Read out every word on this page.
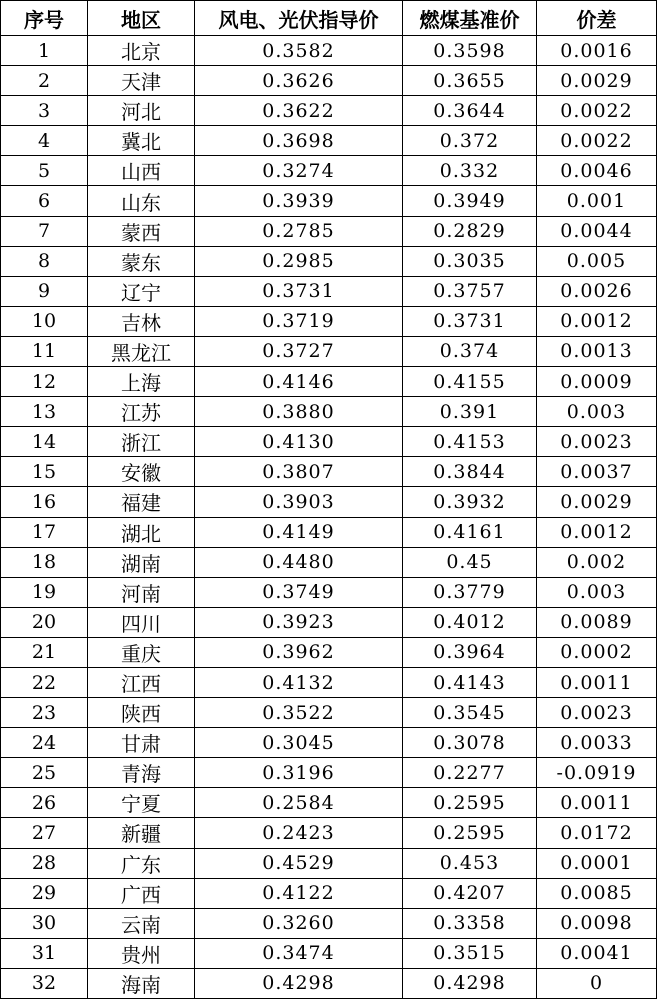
序号	地区	风电、光伏指导价	燃煤基准价	价差
1	北京	0.3582	0.3598	0.0016
2	天津	0.3626	0.3655	0.0029
3	河北	0.3622	0.3644	0.0022
4	冀北	0.3698	0.372	0.0022
5	山西	0.3274	0.332	0.0046
6	山东	0.3939	0.3949	0.001
7	蒙西	0.2785	0.2829	0.0044
8	蒙东	0.2985	0.3035	0.005
9	辽宁	0.3731	0.3757	0.0026
10	吉林	0.3719	0.3731	0.0012
11	黑龙江	0.3727	0.374	0.0013
12	上海	0.4146	0.4155	0.0009
13	江苏	0.3880	0.391	0.003
14	浙江	0.4130	0.4153	0.0023
15	安徽	0.3807	0.3844	0.0037
16	福建	0.3903	0.3932	0.0029
17	湖北	0.4149	0.4161	0.0012
18	湖南	0.4480	0.45	0.002
19	河南	0.3749	0.3779	0.003
20	四川	0.3923	0.4012	0.0089
21	重庆	0.3962	0.3964	0.0002
22	江西	0.4132	0.4143	0.0011
23	陕西	0.3522	0.3545	0.0023
24	甘肃	0.3045	0.3078	0.0033
25	青海	0.3196	0.2277	-0.0919
26	宁夏	0.2584	0.2595	0.0011
27	新疆	0.2423	0.2595	0.0172
28	广东	0.4529	0.453	0.0001
29	广西	0.4122	0.4207	0.0085
30	云南	0.3260	0.3358	0.0098
31	贵州	0.3474	0.3515	0.0041
32	海南	0.4298	0.4298	0
